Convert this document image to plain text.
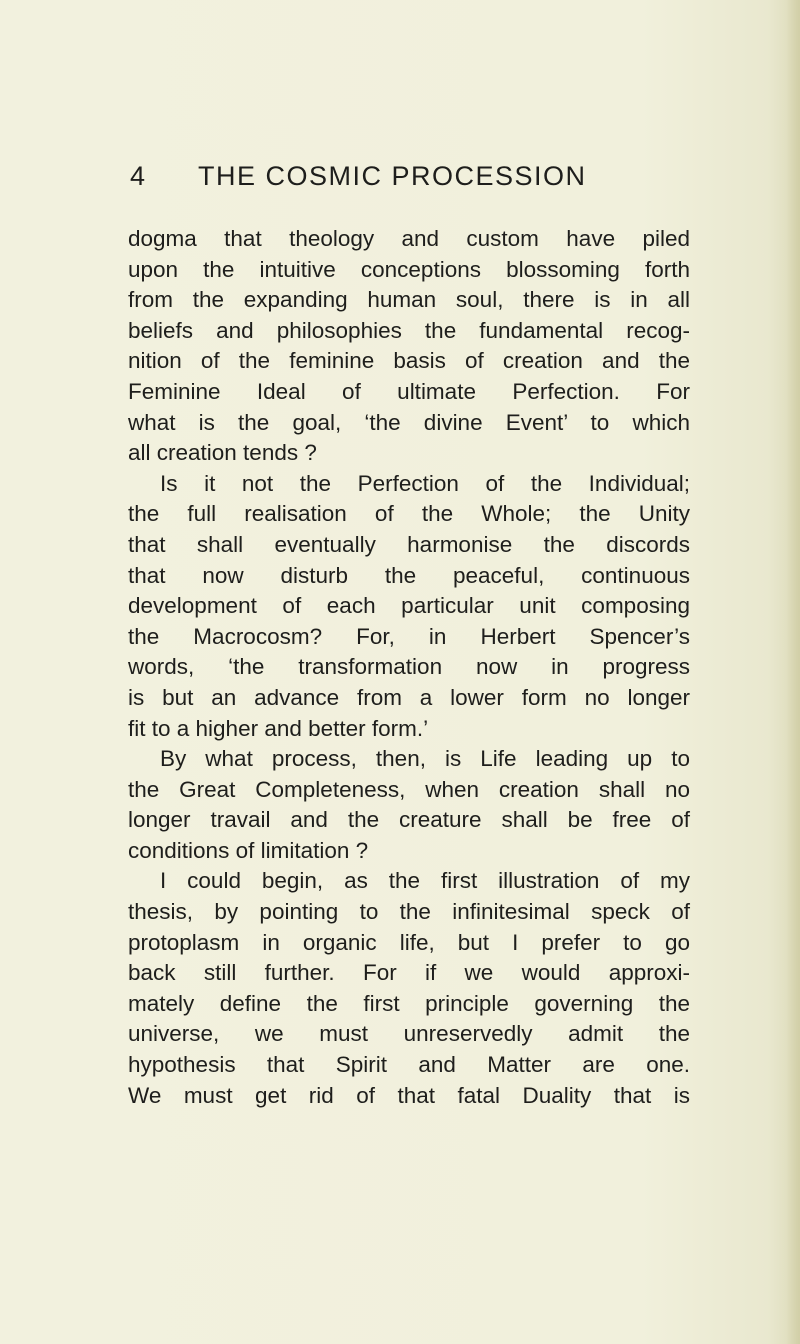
4 THE COSMIC PROCESSION
dogma that theology and custom have piled
upon the intuitive conceptions blossoming forth
from the expanding human soul, there is in all
beliefs and philosophies the fundamental recog-
nition of the feminine basis of creation and the
Feminine Ideal of ultimate Perfection. For
what is the goal, ‘the divine Event’ to which
all creation tends ?
Is it not the Perfection of the Individual;
the full realisation of the Whole; the Unity
that shall eventually harmonise the discords
that now disturb the peaceful, continuous
development of each particular unit composing
the Macrocosm? For, in Herbert Spencer’s
words, ‘the transformation now in progress
is but an advance from a lower form no longer
fit to a higher and better form.’
By what process, then, is Life leading up to
the Great Completeness, when creation shall no
longer travail and the creature shall be free of
conditions of limitation ?
I could begin, as the first illustration of my
thesis, by pointing to the infinitesimal speck of
protoplasm in organic life, but I prefer to go
back still further. For if we would approxi-
mately define the first principle governing the
universe, we must unreservedly admit the
hypothesis that Spirit and Matter are one.
We must get rid of that fatal Duality that is
